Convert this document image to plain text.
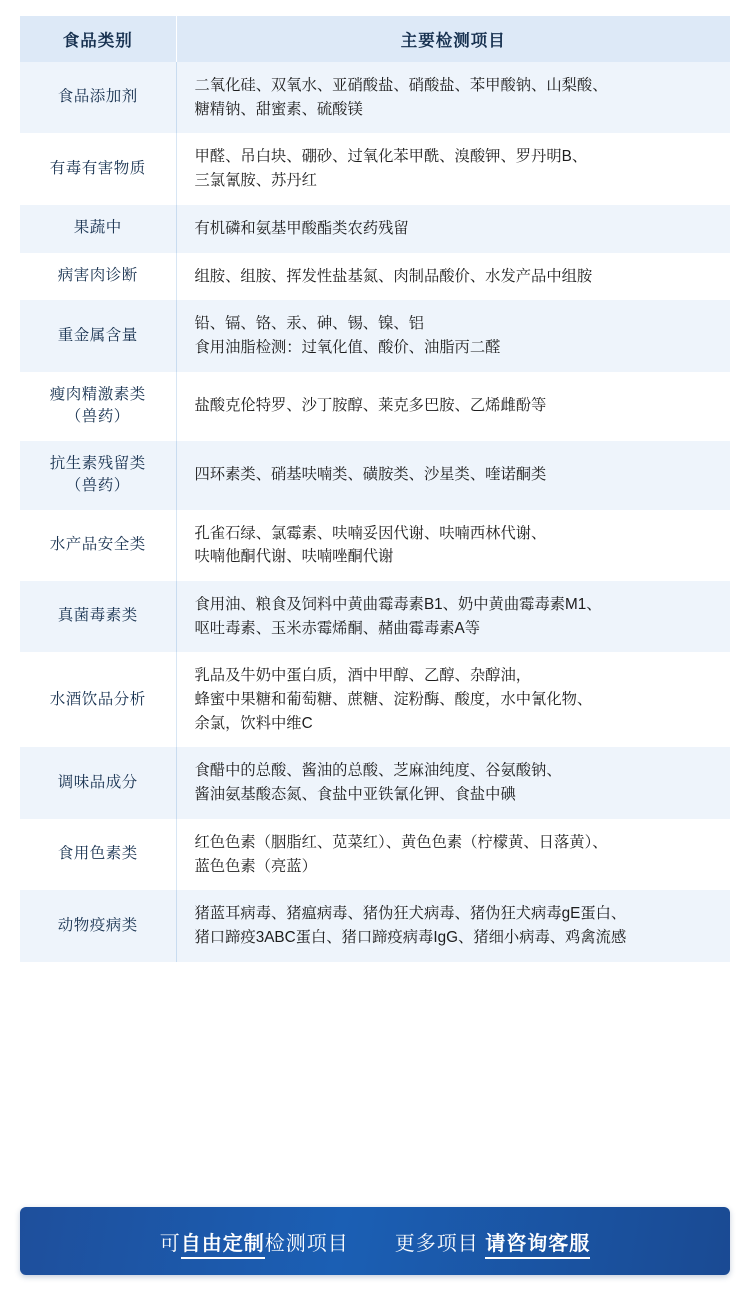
食品类别	主要检测项目

食品添加剂	二氧化硅、双氧水、亚硝酸盐、硝酸盐、苯甲酸钠、山梨酸、
糖精钠、甜蜜素、硫酸镁

有毒有害物质	甲醛、吊白块、硼砂、过氧化苯甲酰、溴酸钾、罗丹明B、
三氯氰胺、苏丹红

果蔬中	有机磷和氨基甲酸酯类农药残留

病害肉诊断	组胺、组胺、挥发性盐基氮、肉制品酸价、水发产品中组胺

重金属含量	铅、镉、铬、汞、砷、锡、镍、铝
食用油脂检测：过氧化值、酸价、油脂丙二醛

瘦肉精激素类
（兽药）	盐酸克伦特罗、沙丁胺醇、莱克多巴胺、乙烯雌酚等

抗生素残留类
（兽药）	四环素类、硝基呋喃类、磺胺类、沙星类、喹诺酮类

水产品安全类	孔雀石绿、氯霉素、呋喃妥因代谢、呋喃西林代谢、
呋喃他酮代谢、呋喃唑酮代谢

真菌毒素类	食用油、粮食及饲料中黄曲霉毒素B1、奶中黄曲霉毒素M1、
呕吐毒素、玉米赤霉烯酮、赭曲霉毒素A等

水酒饮品分析	乳品及牛奶中蛋白质，酒中甲醇、乙醇、杂醇油，
蜂蜜中果糖和葡萄糖、蔗糖、淀粉酶、酸度，水中氰化物、
余氯，饮料中维C

调味品成分	食醋中的总酸、酱油的总酸、芝麻油纯度、谷氨酸钠、
酱油氨基酸态氮、食盐中亚铁氰化钾、食盐中碘

食用色素类	红色色素（胭脂红、苋菜红）、黄色色素（柠檬黄、日落黄）、
蓝色色素（亮蓝）

动物疫病类	猪蓝耳病毒、猪瘟病毒、猪伪狂犬病毒、猪伪狂犬病毒gE蛋白、
猪口蹄疫3ABC蛋白、猪口蹄疫病毒IgG、猪细小病毒、鸡禽流感
可自由定制检测项目 更多项目 请咨询客服
